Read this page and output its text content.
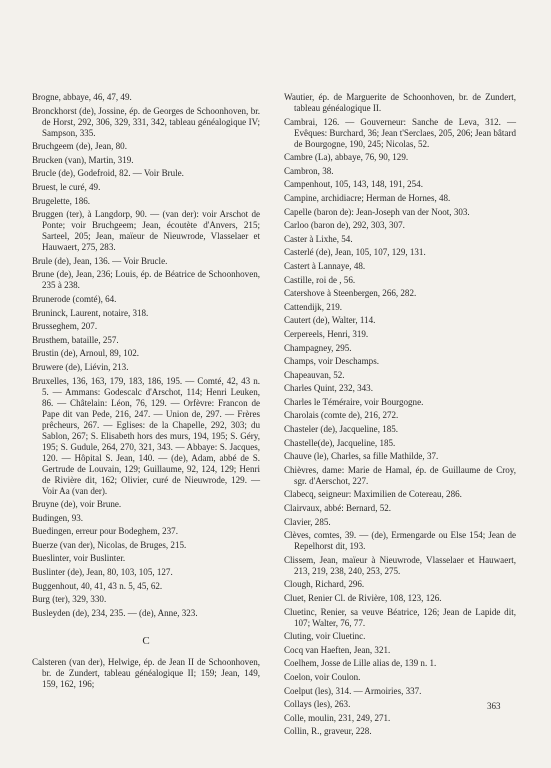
Brogne, abbaye, 46, 47, 49.

Bronckhorst (de), Jossine, ép. de Georges de Schoonhoven, br. de Horst, 292, 306, 329, 331, 342, tableau généalogique IV; Sampson, 335.

Bruchgeem (de), Jean, 80.

Brucken (van), Martin, 319.

Brucle (de), Godefroid, 82. — Voir Brule.

Bruest, le curé, 49.

Brugelette, 186.

Bruggen (ter), à Langdorp, 90. — (van der): voir Arschot de Ponte; voir Bruchgeem; Jean, écoutète d'Anvers, 215; Sarteel, 205; Jean, maïeur de Nieuwrode, Vlasselaer et Hauwaert, 275, 283.

Brule (de), Jean, 136. — Voir Brucle.

Brune (de), Jean, 236; Louis, ép. de Béatrice de Schoonhoven, 235 à 238.

Brunerode (comté), 64.

Bruninck, Laurent, notaire, 318.

Brusseghem, 207.

Brusthem, bataille, 257.

Brustin (de), Arnoul, 89, 102.

Bruwere (de), Liévin, 213.

Bruxelles, 136, 163, 179, 183, 186, 195. — Comté, 42, 43 n. 5. — Ammans: Godescalc d'Arschot, 114; Henri Leuken, 86. — Châtelain: Léon, 76, 129. — Orfèvre: Francon de Pape dit van Pede, 216, 247. — Union de, 297. — Frères prêcheurs, 267. — Eglises: de la Chapelle, 292, 303; du Sablon, 267; S. Elisabeth hors des murs, 194, 195; S. Géry, 195; S. Gudule, 264, 270, 321, 343. — Abbaye: S. Jacques, 120. — Hôpital S. Jean, 140. — (de), Adam, abbé de S. Gertrude de Louvain, 129; Guillaume, 92, 124, 129; Henri de Rivière dit, 162; Olivier, curé de Nieuwrode, 129. — Voir Aa (van der).

Bruyne (de), voir Brune.

Budingen, 93.

Buedingen, erreur pour Bodeghem, 237.

Buerze (van der), Nicolas, de Bruges, 215.

Bueslinter, voir Buslinter.

Buslinter (de), Jean, 80, 103, 105, 127.

Buggenhout, 40, 41, 43 n. 5, 45, 62.

Burg (ter), 329, 330.

Busleyden (de), 234, 235. — (de), Anne, 323.

C

Calsteren (van der), Helwige, ép. de Jean II de Schoonhoven, br. de Zundert, tableau généalogique II; 159; Jean, 149, 159, 162, 196;

Wautier, ép. de Marguerite de Schoonhoven, br. de Zundert, tableau généalogique II.

Cambrai, 126. — Gouverneur: Sanche de Leva, 312. — Evêques: Burchard, 36; Jean t'Serclaes, 205, 206; Jean bâtard de Bourgogne, 190, 245; Nicolas, 52.

Cambre (La), abbaye, 76, 90, 129.

Cambron, 38.

Campenhout, 105, 143, 148, 191, 254.

Campine, archidiacre; Herman de Hornes, 48.

Capelle (baron de): Jean-Joseph van der Noot, 303.

Carloo (baron de), 292, 303, 307.

Caster à Lixhe, 54.

Casterlé (de), Jean, 105, 107, 129, 131.

Castert à Lannaye, 48.

Castille, roi de , 56.

Catershove à Steenbergen, 266, 282.

Cattendijk, 219.

Cautert (de), Walter, 114.

Cerpereels, Henri, 319.

Champagney, 295.

Champs, voir Deschamps.

Chapeauvan, 52.

Charles Quint, 232, 343.

Charles le Téméraire, voir Bourgogne.

Charolais (comte de), 216, 272.

Chasteler (de), Jacqueline, 185.

Chastelle(de), Jacqueline, 185.

Chauve (le), Charles, sa fille Mathilde, 37.

Chièvres, dame: Marie de Hamal, ép. de Guillaume de Croy, sgr. d'Aerschot, 227.

Clabecq, seigneur: Maximilien de Cotereau, 286.

Clairvaux, abbé: Bernard, 52.

Clavier, 285.

Clèves, comtes, 39. — (de), Ermengarde ou Else 154; Jean de Repelhorst dit, 193.

Clissem, Jean, maïeur à Nieuwrode, Vlasselaer et Hauwaert, 213, 219, 238, 240, 253, 275.

Clough, Richard, 296.

Cluet, Renier Cl. de Rivière, 108, 123, 126.

Cluetinc, Renier, sa veuve Béatrice, 126; Jean de Lapide dit, 107; Walter, 76, 77.

Cluting, voir Cluetinc.

Cocq van Haeften, Jean, 321.

Coelhem, Josse de Lille alias de, 139 n. 1.

Coelon, voir Coulon.

Coelput (les), 314. — Armoiries, 337.

Collays (les), 263.

Colle, moulin, 231, 249, 271.

Collin, R., graveur, 228.

363
